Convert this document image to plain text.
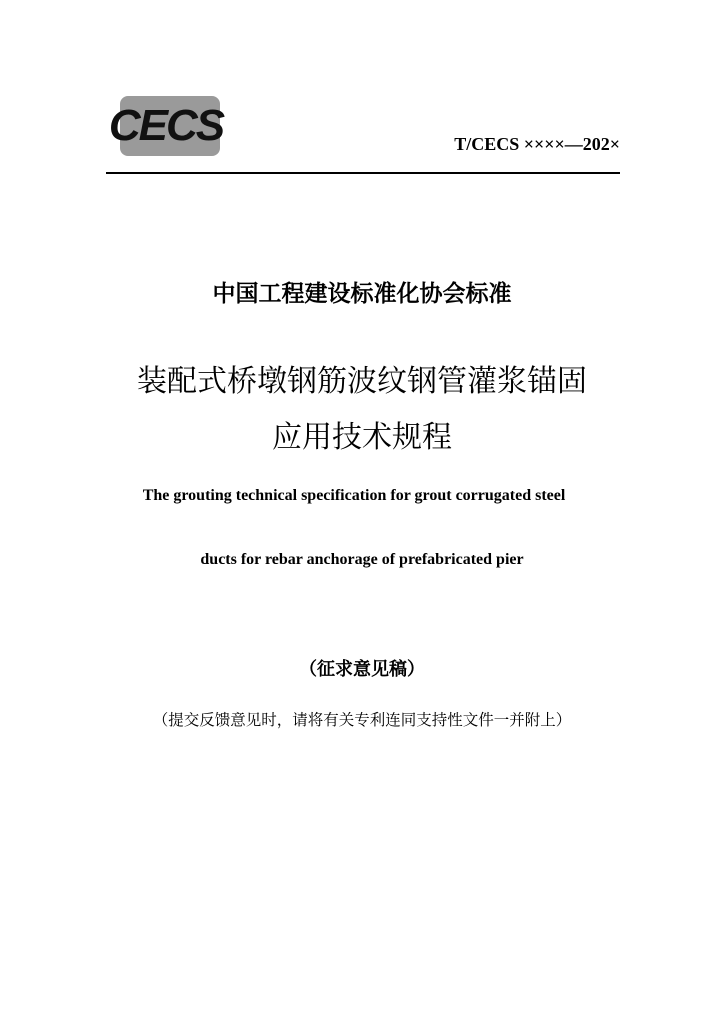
CECS	T/CECS ××××—202×
中国工程建设标准化协会标准
装配式桥墩钢筋波纹钢管灌浆锚固
应用技术规程
The grouting technical specification for grout corrugated steel
ducts for rebar anchorage of prefabricated pier
（征求意见稿）
（提交反馈意见时，请将有关专利连同支持性文件一并附上）
